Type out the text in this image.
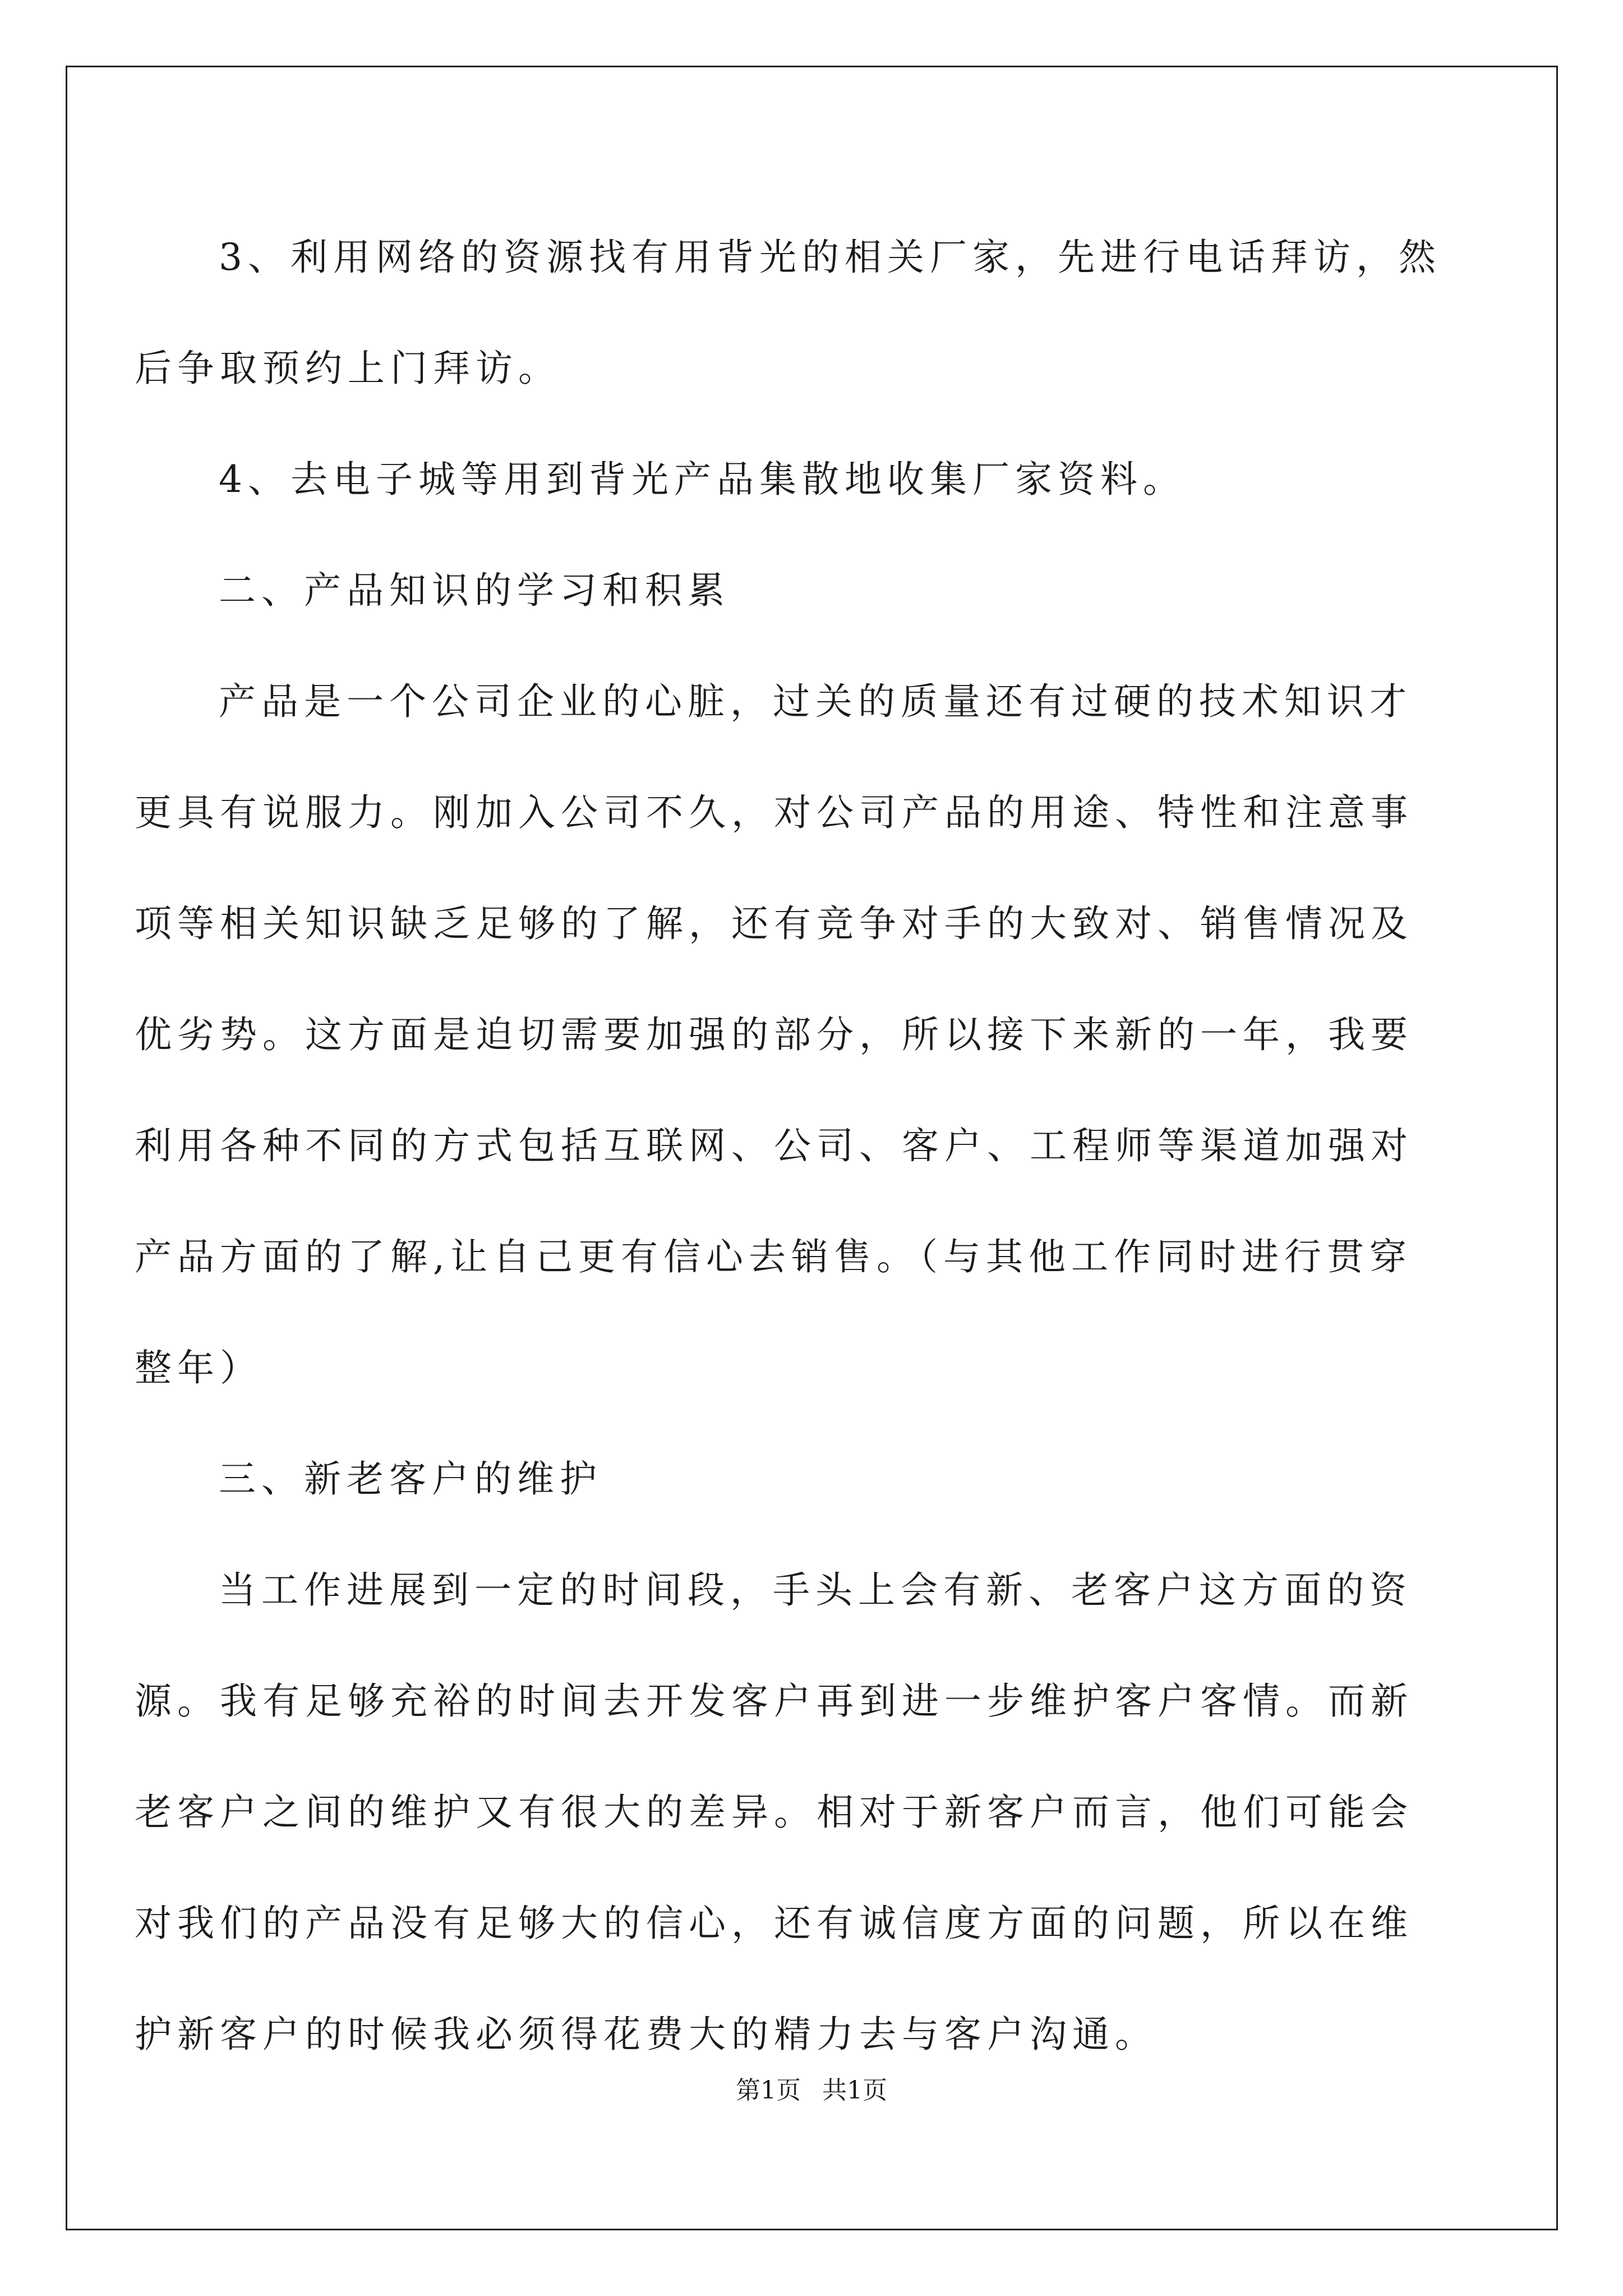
3、利用网络的资源找有用背光的相关厂家，先进行电话拜访，然
后争取预约上门拜访。
4、去电子城等用到背光产品集散地收集厂家资料。
二、产品知识的学习和积累
产品是一个公司企业的心脏，过关的质量还有过硬的技术知识才
更具有说服力。刚加入公司不久，对公司产品的用途、特性和注意事
项等相关知识缺乏足够的了解，还有竞争对手的大致对、销售情况及
优劣势。这方面是迫切需要加强的部分，所以接下来新的一年，我要
利用各种不同的方式包括互联网、公司、客户、工程师等渠道加强对
产品方面的了解,让自己更有信心去销售。（与其他工作同时进行贯穿
整年）
三、新老客户的维护
当工作进展到一定的时间段，手头上会有新、老客户这方面的资
源。我有足够充裕的时间去开发客户再到进一步维护客户客情。而新
老客户之间的维护又有很大的差异。相对于新客户而言，他们可能会
对我们的产品没有足够大的信心，还有诚信度方面的问题，所以在维
护新客户的时候我必须得花费大的精力去与客户沟通。
第1页 共1页
